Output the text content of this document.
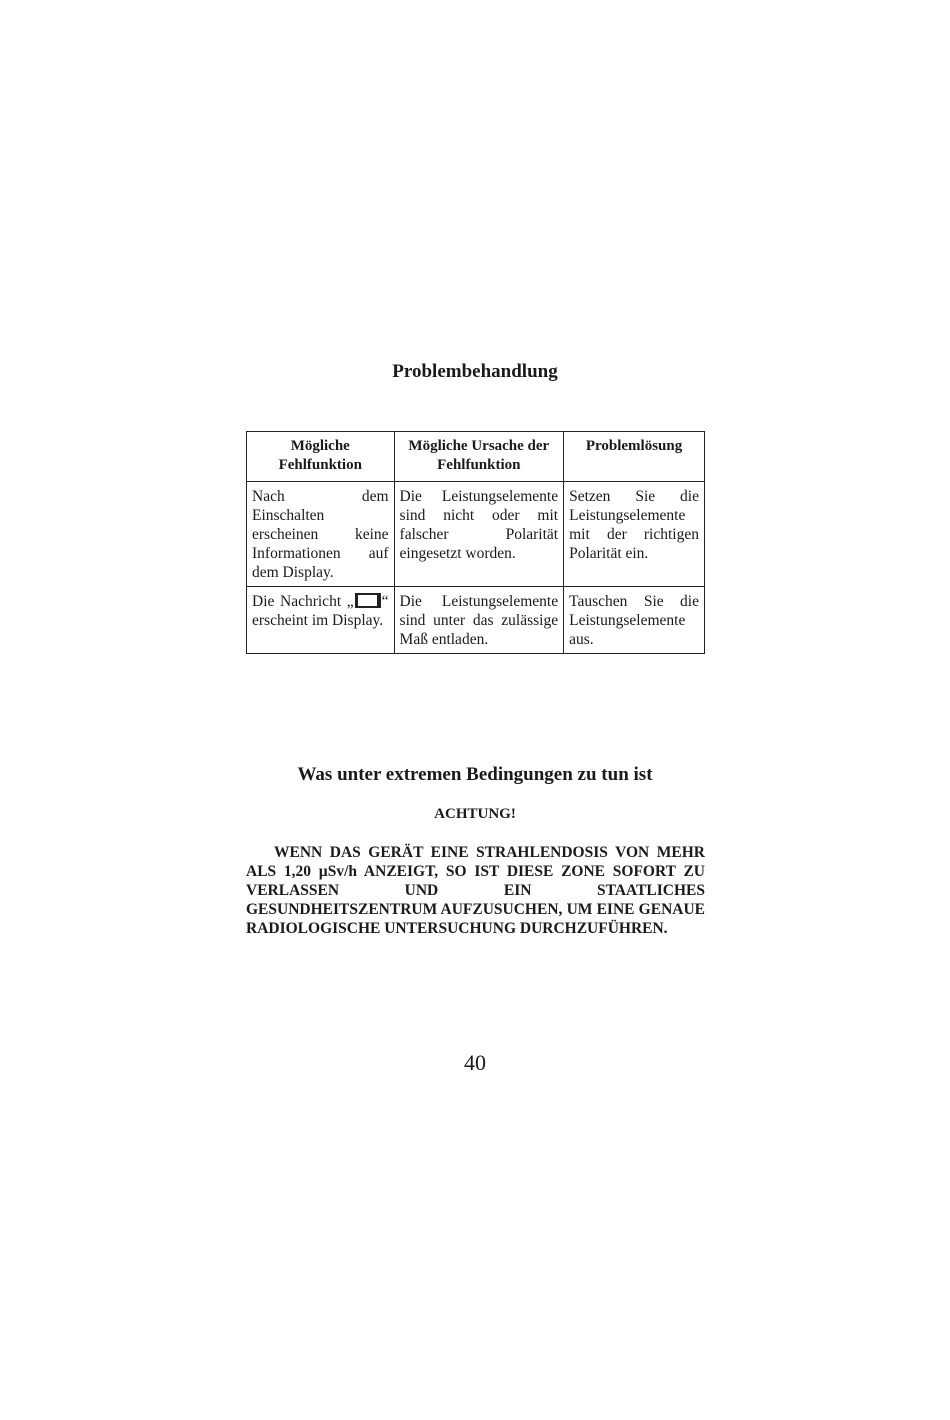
Problembehandlung
Mögliche Fehlfunktion	Mögliche Ursache der Fehlfunktion	Problemlösung
Nach dem Einschalten erscheinen keine Informationen auf dem Display.	Die Leistungselemente sind nicht oder mit falscher Polarität eingesetzt worden.	Setzen Sie die Leistungselemente mit der richtigen Polarität ein.
Die Nachricht „ “ erscheint im Display.	Die Leistungselemente sind unter das zulässige Maß entladen.	Tauschen Sie die Leistungselemente aus.
Was unter extremen Bedingungen zu tun ist
ACHTUNG!

WENN DAS GERÄT EINE STRAHLENDOSIS VON MEHR ALS 1,20 µSv/h ANZEIGT, SO IST DIESE ZONE SOFORT ZU VERLASSEN UND EIN STAATLICHES GESUNDHEITSZENTRUM AUFZUSUCHEN, UM EINE GENAUE RADIOLOGISCHE UNTERSUCHUNG DURCHZUFÜHREN.

40
